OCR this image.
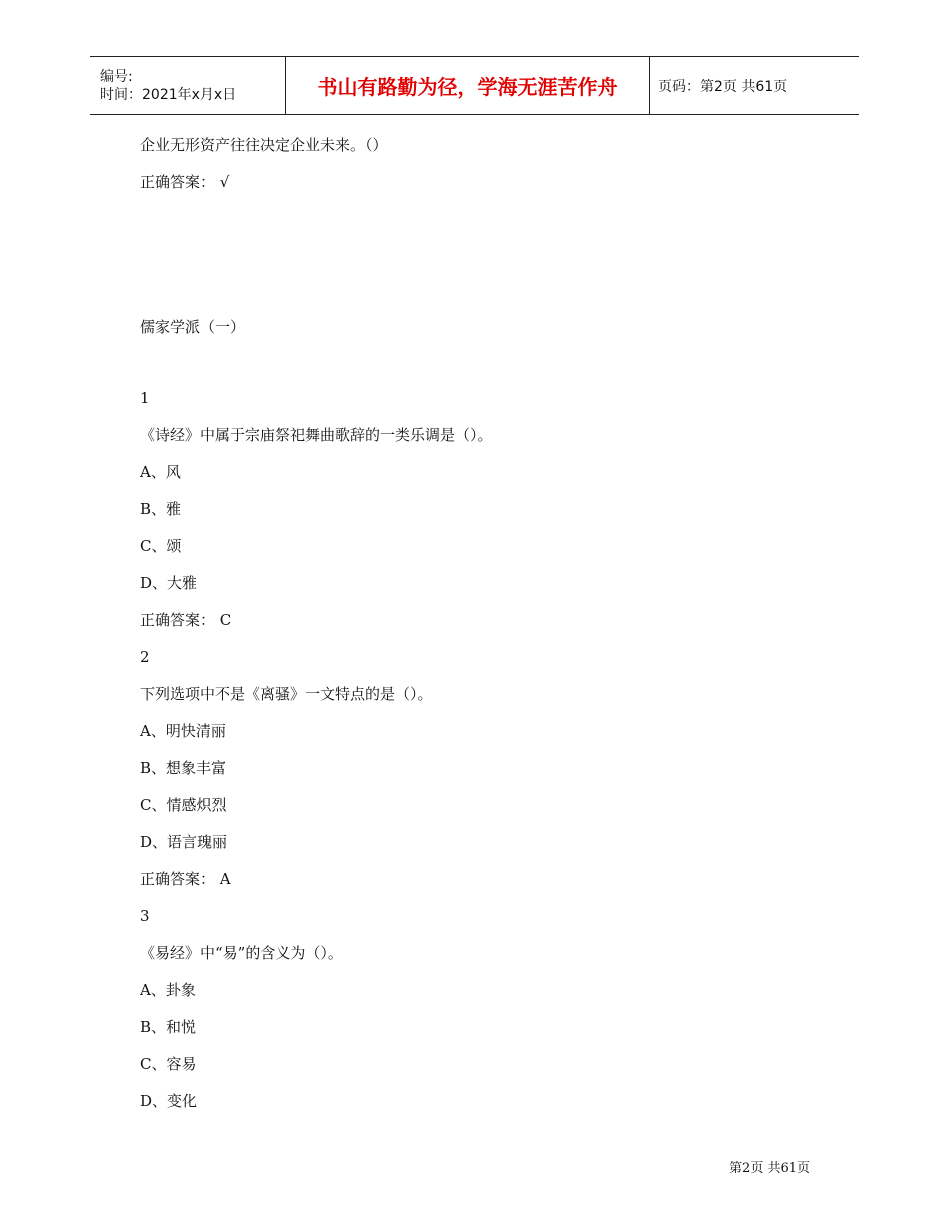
编号:
时间：2021年x月x日	书山有路勤为径，学海无涯苦作舟	页码：第2页 共61页
企业无形资产往往决定企业未来。（）
正确答案： √
儒家学派（一）
1
《诗经》中属于宗庙祭祀舞曲歌辞的一类乐调是（）。
A、风
B、雅
C、颂
D、大雅
正确答案： C
2
下列选项中不是《离骚》一文特点的是（）。
A、明快清丽
B、想象丰富
C、情感炽烈
D、语言瑰丽
正确答案： A
3
《易经》中“易”的含义为（）。
A、卦象
B、和悦
C、容易
D、变化
第2页 共61页
